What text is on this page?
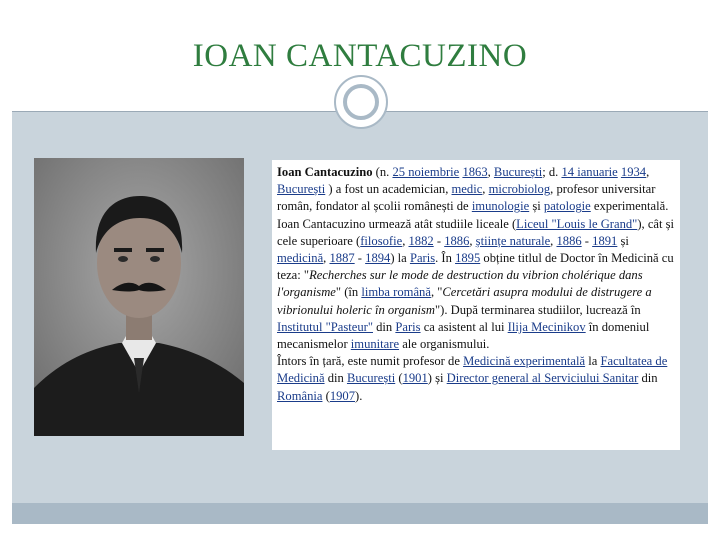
IOAN CANTACUZINO

Ioan Cantacuzino (n. 25 noiembrie 1863, București; d. 14 ianuarie 1934, București ) a fost un academician, medic, microbiolog, profesor universitar român, fondator al școlii românești de imunologie și patologie experimentală.

Ioan Cantacuzino urmează atât studiile liceale (Liceul "Louis le Grand"), cât și cele superioare (filosofie, 1882 - 1886, științe naturale, 1886 - 1891 și medicină, 1887 - 1894) la Paris. În 1895 obține titlul de Doctor în Medicină cu teza: "Recherches sur le mode de destruction du vibrion cholérique dans l'organisme" (în limba română, "Cercetări asupra modului de distrugere a vibrionului holeric în organism"). După terminarea studiilor, lucrează în Institutul "Pasteur" din Paris ca asistent al lui Ilija Mecinikov în domeniul mecanismelor imunitare ale organismului.

Întors în țară, este numit profesor de Medicină experimentală la Facultatea de Medicină din București (1901) și Director general al Serviciului Sanitar din România (1907).
